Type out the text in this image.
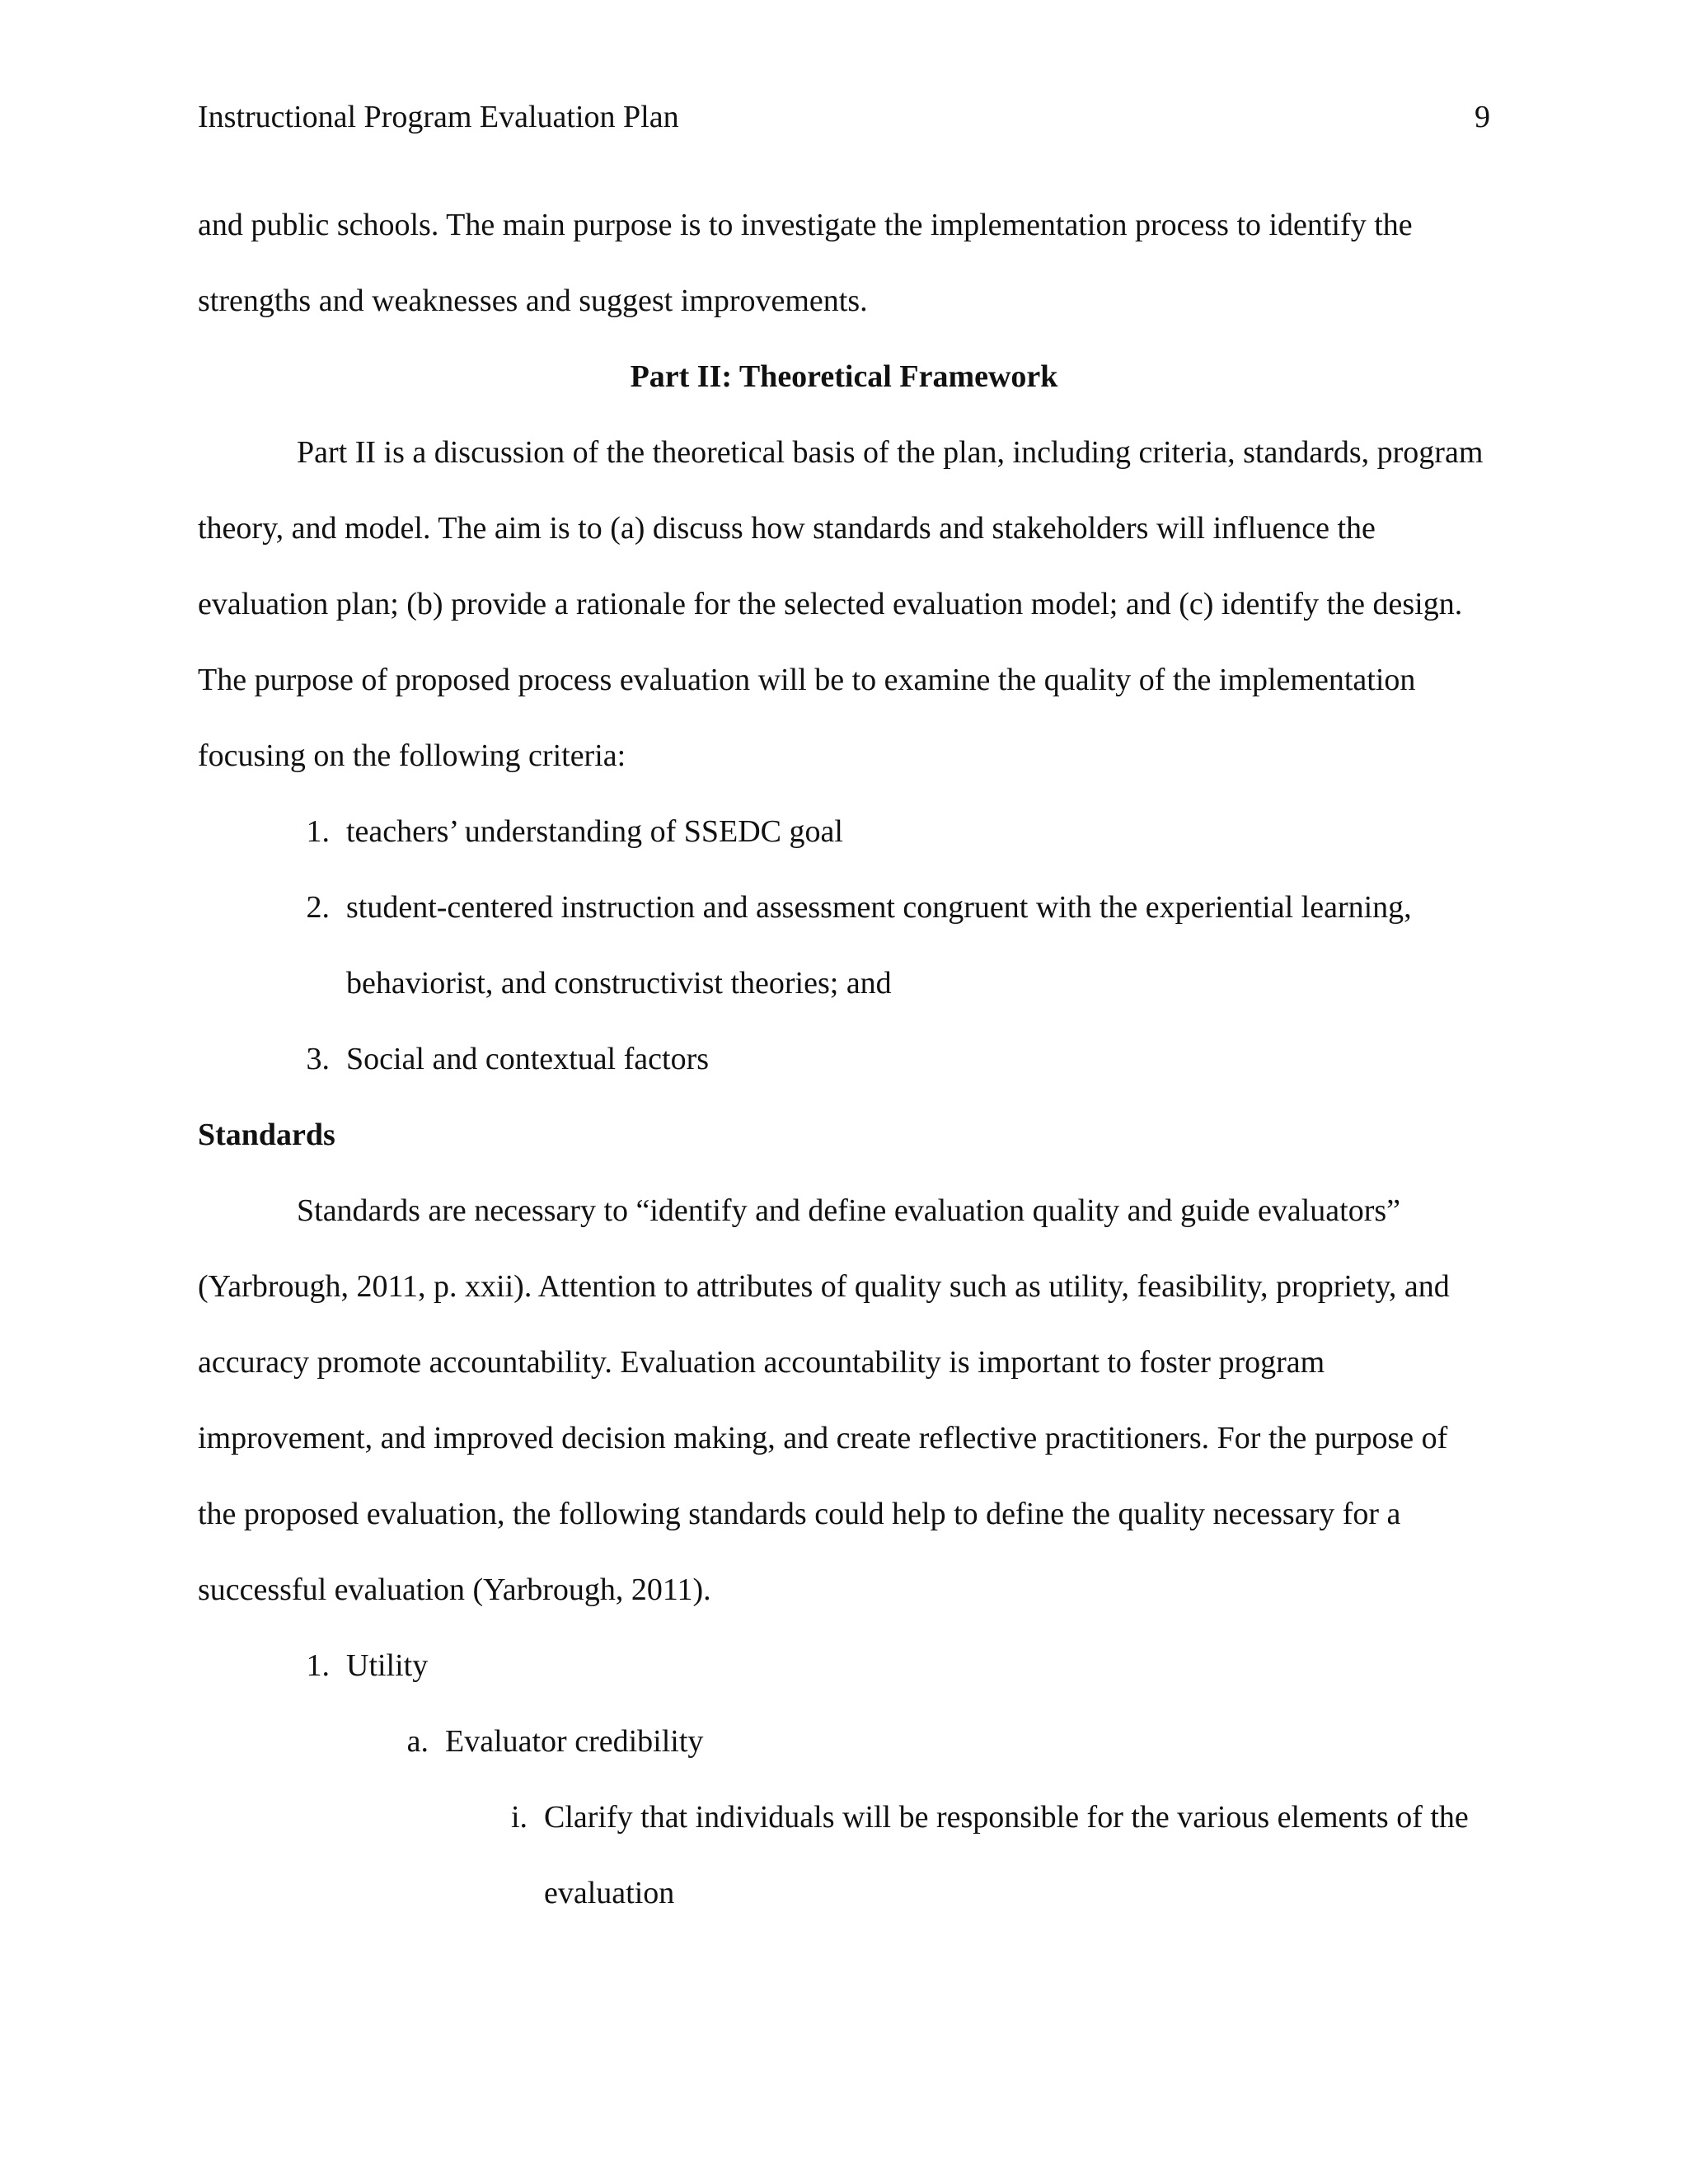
Instructional Program Evaluation Plan	9

and public schools. The main purpose is to investigate the implementation process to identify the strengths and weaknesses and suggest improvements.

Part II: Theoretical Framework

Part II is a discussion of the theoretical basis of the plan, including criteria, standards, program theory, and model. The aim is to (a) discuss how standards and stakeholders will influence the evaluation plan; (b) provide a rationale for the selected evaluation model; and (c) identify the design. The purpose of proposed process evaluation will be to examine the quality of the implementation focusing on the following criteria:

1. teachers’ understanding of SSEDC goal

2. student-centered instruction and assessment congruent with the experiential learning, behaviorist, and constructivist theories; and

3. Social and contextual factors

Standards

Standards are necessary to “identify and define evaluation quality and guide evaluators” (Yarbrough, 2011, p. xxii). Attention to attributes of quality such as utility, feasibility, propriety, and accuracy promote accountability. Evaluation accountability is important to foster program improvement, and improved decision making, and create reflective practitioners. For the purpose of the proposed evaluation, the following standards could help to define the quality necessary for a successful evaluation (Yarbrough, 2011).

1. Utility

a. Evaluator credibility

i. Clarify that individuals will be responsible for the various elements of the evaluation
